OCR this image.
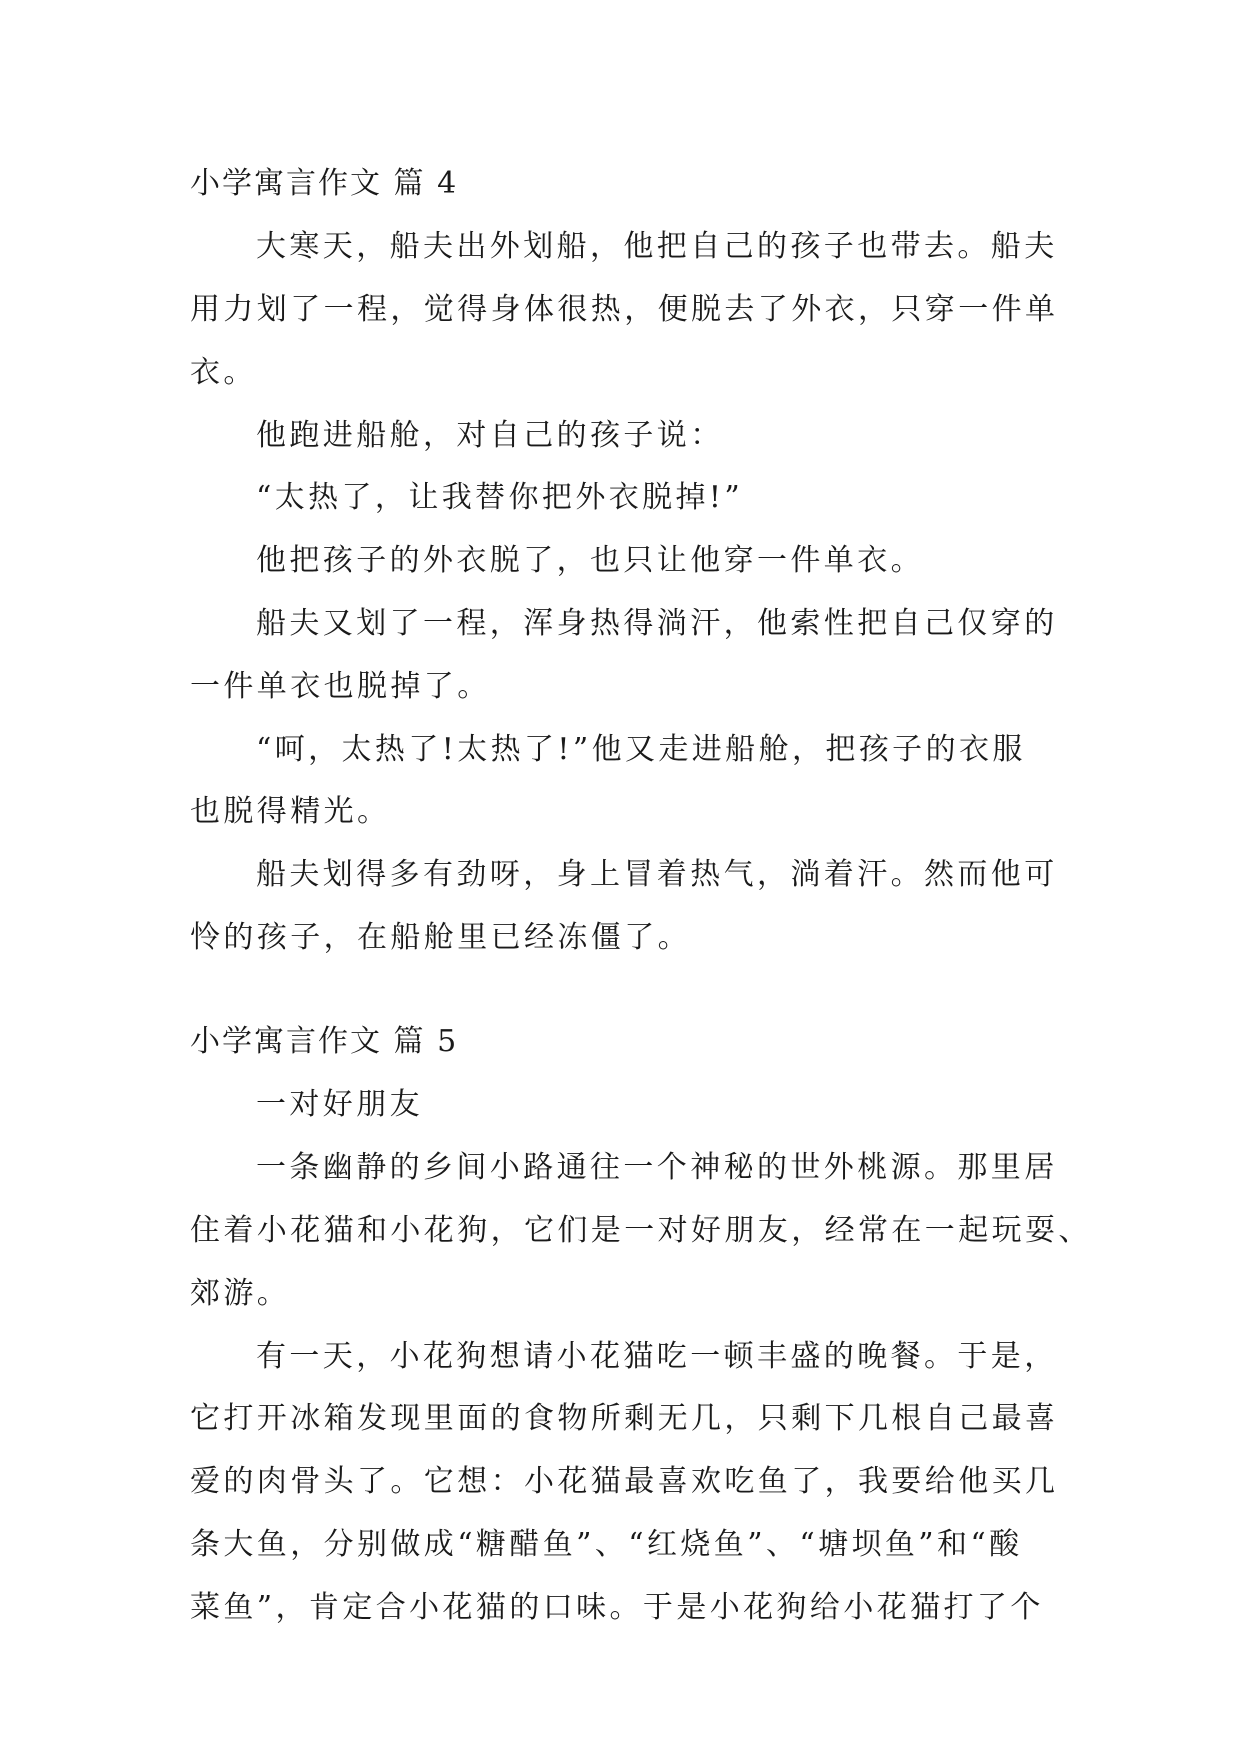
小学寓言作文 篇 4
大寒天，船夫出外划船，他把自己的孩子也带去。船夫
用力划了一程，觉得身体很热，便脱去了外衣，只穿一件单
衣。
他跑进船舱，对自己的孩子说：
“太热了，让我替你把外衣脱掉!”
他把孩子的外衣脱了，也只让他穿一件单衣。
船夫又划了一程，浑身热得淌汗，他索性把自己仅穿的
一件单衣也脱掉了。
“呵，太热了!太热了!”他又走进船舱，把孩子的衣服
也脱得精光。
船夫划得多有劲呀，身上冒着热气，淌着汗。然而他可
怜的孩子，在船舱里已经冻僵了。
小学寓言作文 篇 5
一对好朋友
一条幽静的乡间小路通往一个神秘的世外桃源。那里居
住着小花猫和小花狗，它们是一对好朋友，经常在一起玩耍、
郊游。
有一天，小花狗想请小花猫吃一顿丰盛的晚餐。于是，
它打开冰箱发现里面的食物所剩无几，只剩下几根自己最喜
爱的肉骨头了。它想：小花猫最喜欢吃鱼了，我要给他买几
条大鱼，分别做成“糖醋鱼”、“红烧鱼”、“塘坝鱼”和“酸
菜鱼”，肯定合小花猫的口味。于是小花狗给小花猫打了个
